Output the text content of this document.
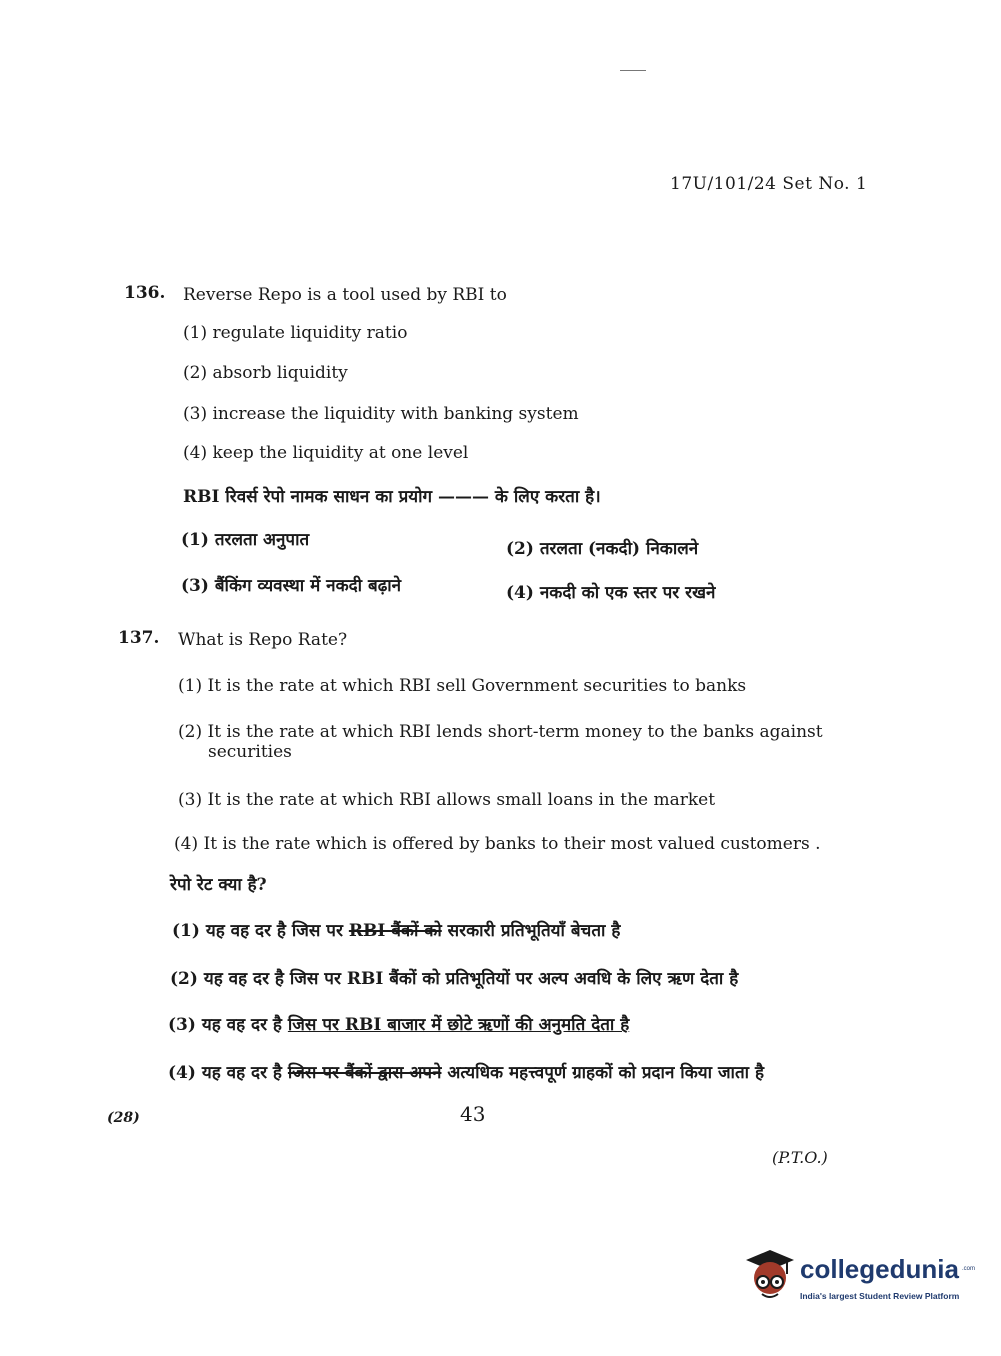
17U/101/24 Set No. 1
136. Reverse Repo is a tool used by RBI to
(1) regulate liquidity ratio
(2) absorb liquidity
(3) increase the liquidity with banking system
(4) keep the liquidity at one level
RBI रिवर्स रेपो नामक साधन का प्रयोग ——— के लिए करता है।
(1) तरलता अनुपात	(2) तरलता (नकदी) निकालने
(3) बैंकिंग व्यवस्था में नकदी बढ़ाने	(4) नकदी को एक स्तर पर रखने
137. What is Repo Rate?
(1) It is the rate at which RBI sell Government securities to banks
(2) It is the rate at which RBI lends short-term money to the banks against
securities
(3) It is the rate at which RBI allows small loans in the market
(4) It is the rate which is offered by banks to their most valued customers .
रेपो रेट क्या है?
(1) यह वह दर है जिस पर RBI बैंकों को सरकारी प्रतिभूतियाँ बेचता है
(2) यह वह दर है जिस पर RBI बैंकों को प्रतिभूतियों पर अल्प अवधि के लिए ऋण देता है
(3) यह वह दर है जिस पर RBI बाजार में छोटे ऋणों की अनुमति देता है
(4) यह वह दर है जिस पर बैंकों द्वारा अपने अत्यधिक महत्त्वपूर्ण ग्राहकों को प्रदान किया जाता है
(28)	43
(P.T.O.)
collegedunia .com
India's largest Student Review Platform
